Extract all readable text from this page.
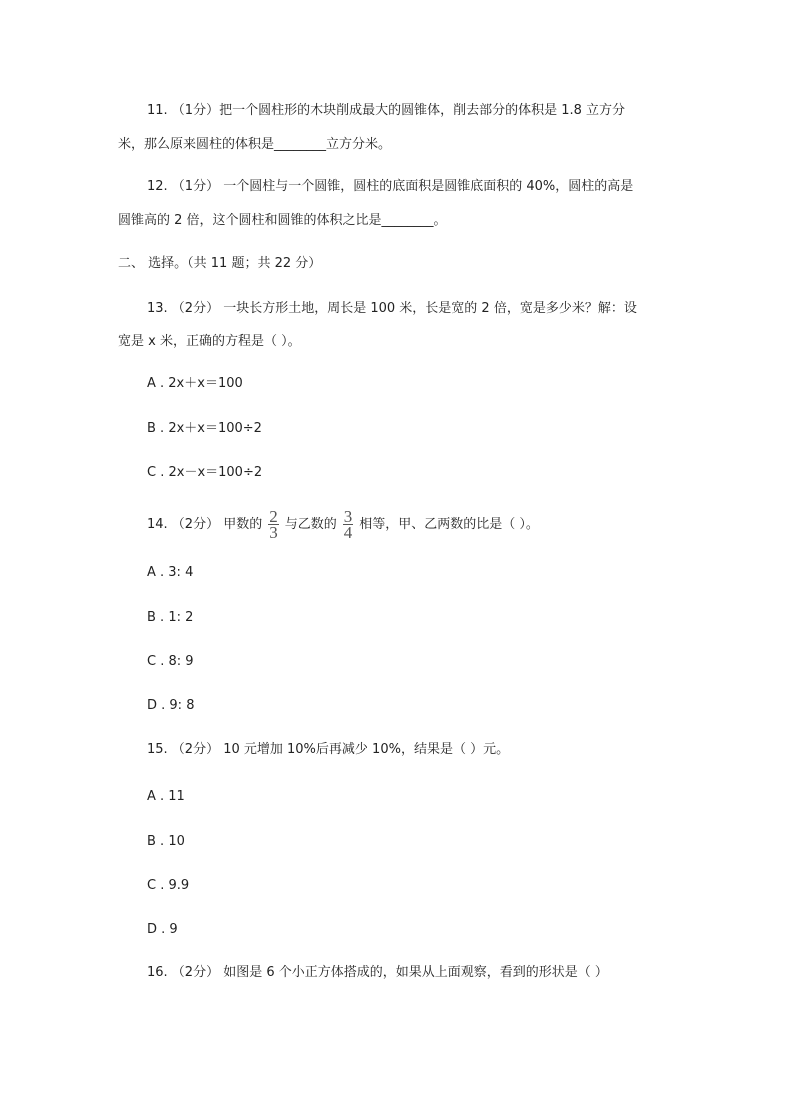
11. （1分）把一个圆柱形的木块削成最大的圆锥体，削去部分的体积是 1.8 立方分
米，那么原来圆柱的体积是________立方分米。
12. （1分） 一个圆柱与一个圆锥，圆柱的底面积是圆锥底面积的 40%，圆柱的高是
圆锥高的 2 倍，这个圆柱和圆锥的体积之比是________。
二、 选择。（共 11 题；共 22 分）
13. （2分） 一块长方形土地，周长是 100 米，长是宽的 2 倍，宽是多少米？解：设
宽是 x 米，正确的方程是（ ）。
A . 2x＋x＝100
B . 2x＋x＝100÷2
C . 2x－x＝100÷2
14. （2分） 甲数的 $\frac{2}{3}$ 与乙数的 $\frac{3}{4}$ 相等，甲、乙两数的比是（ ）。
A . 3: 4
B . 1: 2
C . 8: 9
D . 9: 8
15. （2分） 10 元增加 10%后再减少 10%，结果是（ ）元。
A . 11
B . 10
C . 9.9
D . 9
16. （2分） 如图是 6 个小正方体搭成的，如果从上面观察，看到的形状是（ ）
